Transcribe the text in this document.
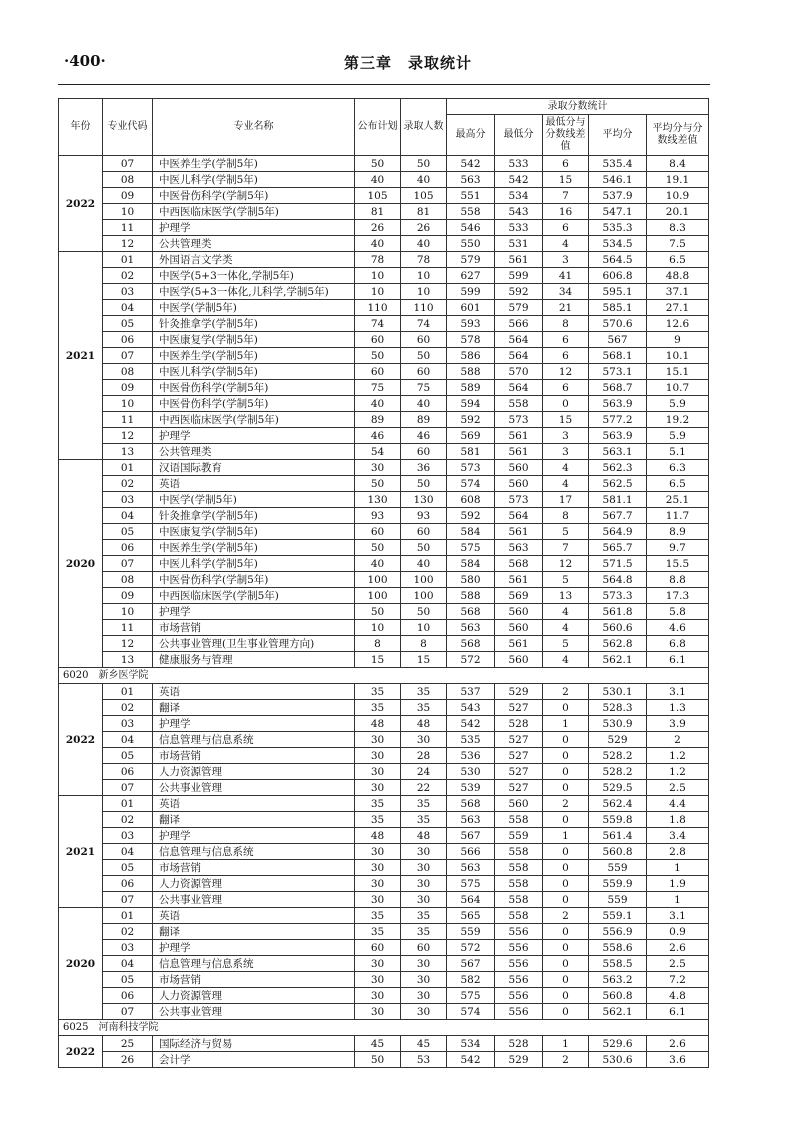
·400·	第三章　录取统计
年份	专业代码	专业名称	公布计划	录取人数	录取分数统计				
					最高分	最低分	最低分与分数线差值	平均分	平均分与分数线差值
2022	07	中医养生学(学制5年)	50	50	542	533	6	535.4	8.4
	08	中医儿科学(学制5年)	40	40	563	542	15	546.1	19.1
	09	中医骨伤科学(学制5年)	105	105	551	534	7	537.9	10.9
	10	中西医临床医学(学制5年)	81	81	558	543	16	547.1	20.1
	11	护理学	26	26	546	533	6	535.3	8.3
	12	公共管理类	40	40	550	531	4	534.5	7.5
2021	01	外国语言文学类	78	78	579	561	3	564.5	6.5
	02	中医学(5+3一体化,学制5年)	10	10	627	599	41	606.8	48.8
	03	中医学(5+3一体化,儿科学,学制5年)	10	10	599	592	34	595.1	37.1
	04	中医学(学制5年)	110	110	601	579	21	585.1	27.1
	05	针灸推拿学(学制5年)	74	74	593	566	8	570.6	12.6
	06	中医康复学(学制5年)	60	60	578	564	6	567	9
	07	中医养生学(学制5年)	50	50	586	564	6	568.1	10.1
	08	中医儿科学(学制5年)	60	60	588	570	12	573.1	15.1
	09	中医骨伤科学(学制5年)	75	75	589	564	6	568.7	10.7
	10	中医骨伤科学(学制5年)	40	40	594	558	0	563.9	5.9
	11	中西医临床医学(学制5年)	89	89	592	573	15	577.2	19.2
	12	护理学	46	46	569	561	3	563.9	5.9
	13	公共管理类	54	60	581	561	3	563.1	5.1
2020	01	汉语国际教育	30	36	573	560	4	562.3	6.3
	02	英语	50	50	574	560	4	562.5	6.5
	03	中医学(学制5年)	130	130	608	573	17	581.1	25.1
	04	针灸推拿学(学制5年)	93	93	592	564	8	567.7	11.7
	05	中医康复学(学制5年)	60	60	584	561	5	564.9	8.9
	06	中医养生学(学制5年)	50	50	575	563	7	565.7	9.7
	07	中医儿科学(学制5年)	40	40	584	568	12	571.5	15.5
	08	中医骨伤科学(学制5年)	100	100	580	561	5	564.8	8.8
	09	中西医临床医学(学制5年)	100	100	588	569	13	573.3	17.3
	10	护理学	50	50	568	560	4	561.8	5.8
	11	市场营销	10	10	563	560	4	560.6	4.6
	12	公共事业管理(卫生事业管理方向)	8	8	568	561	5	562.8	6.8
	13	健康服务与管理	15	15	572	560	4	562.1	6.1
6020　新乡医学院									
2022	01	英语	35	35	537	529	2	530.1	3.1
	02	翻译	35	35	543	527	0	528.3	1.3
	03	护理学	48	48	542	528	1	530.9	3.9
	04	信息管理与信息系统	30	30	535	527	0	529	2
	05	市场营销	30	28	536	527	0	528.2	1.2
	06	人力资源管理	30	24	530	527	0	528.2	1.2
	07	公共事业管理	30	22	539	527	0	529.5	2.5
2021	01	英语	35	35	568	560	2	562.4	4.4
	02	翻译	35	35	563	558	0	559.8	1.8
	03	护理学	48	48	567	559	1	561.4	3.4
	04	信息管理与信息系统	30	30	566	558	0	560.8	2.8
	05	市场营销	30	30	563	558	0	559	1
	06	人力资源管理	30	30	575	558	0	559.9	1.9
	07	公共事业管理	30	30	564	558	0	559	1
2020	01	英语	35	35	565	558	2	559.1	3.1
	02	翻译	35	35	559	556	0	556.9	0.9
	03	护理学	60	60	572	556	0	558.6	2.6
	04	信息管理与信息系统	30	30	567	556	0	558.5	2.5
	05	市场营销	30	30	582	556	0	563.2	7.2
	06	人力资源管理	30	30	575	556	0	560.8	4.8
	07	公共事业管理	30	30	574	556	0	562.1	6.1
6025　河南科技学院									
2022	25	国际经济与贸易	45	45	534	528	1	529.6	2.6
	26	会计学	50	53	542	529	2	530.6	3.6
